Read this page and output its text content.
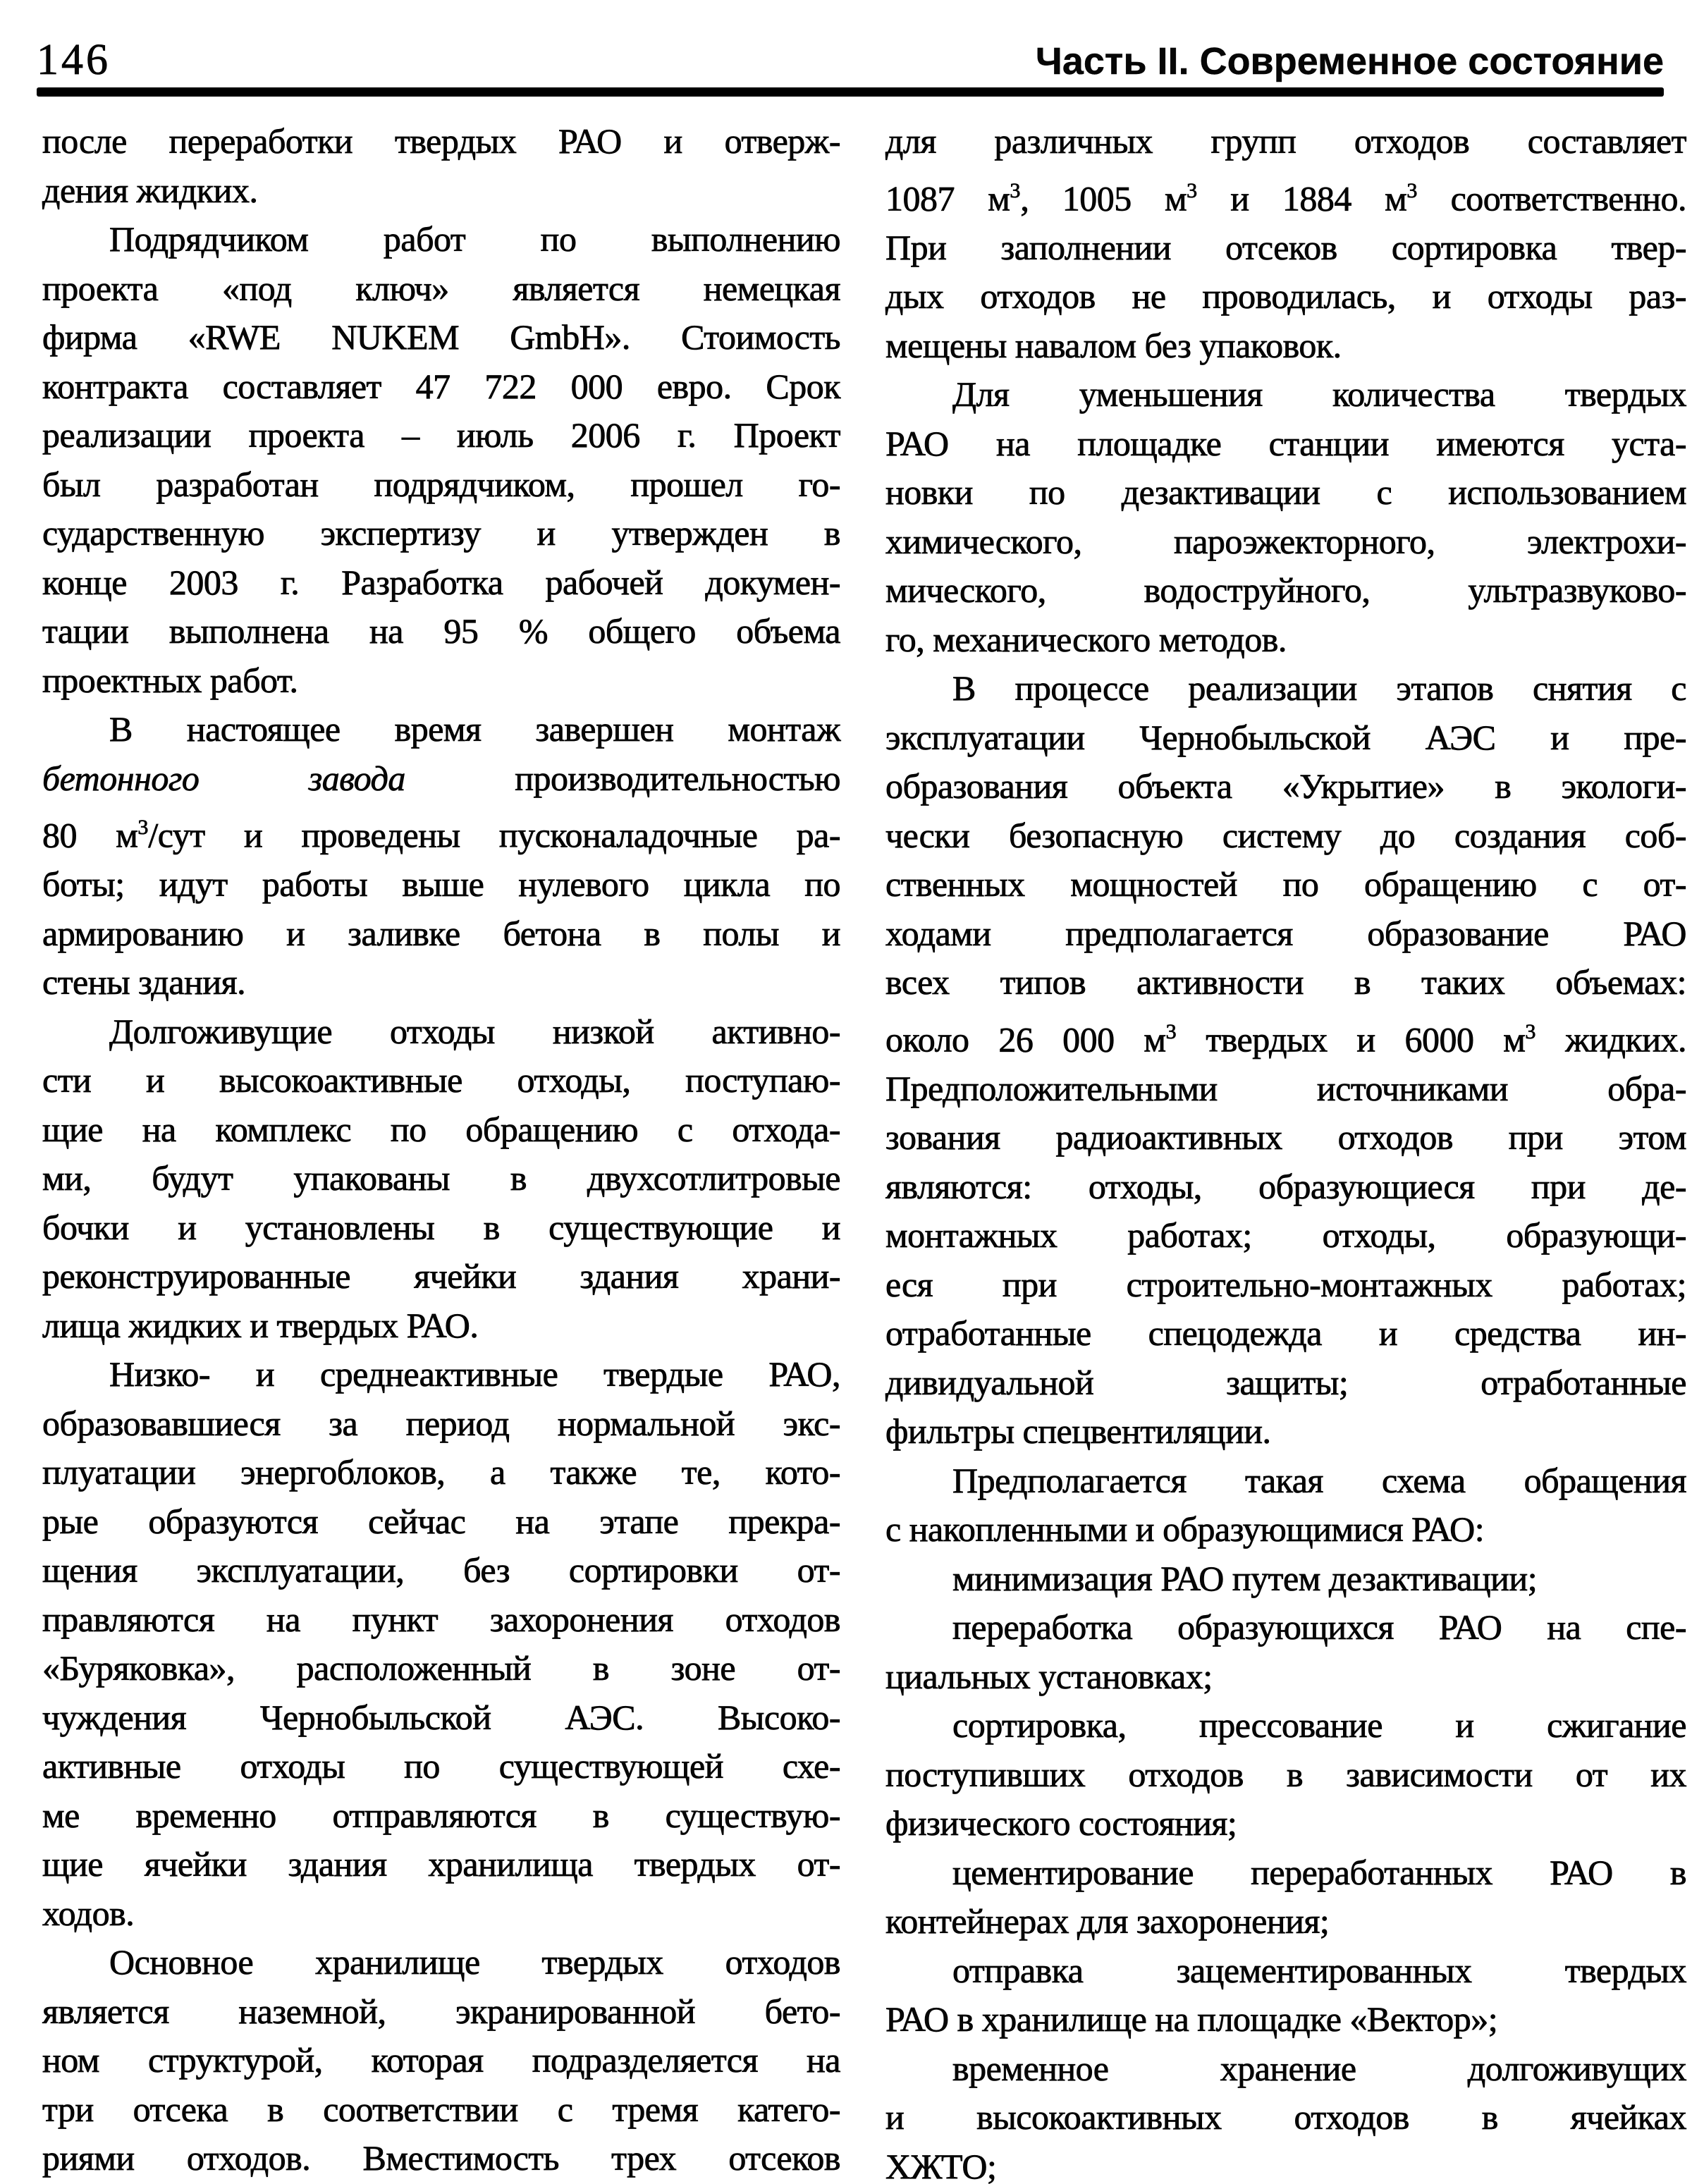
146	Часть II. Современное состояние
после переработки твердых РАО и отверж-
дения жидких.
Подрядчиком работ по выполнению
проекта «под ключ» является немецкая
фирма «RWE NUKEM GmbH». Стоимость
контракта составляет 47 722 000 евро. Срок
реализации проекта – июль 2006 г. Проект
был разработан подрядчиком, прошел го-
сударственную экспертизу и утвержден в
конце 2003 г. Разработка рабочей докумен-
тации выполнена на 95 % общего объема
проектных работ.
В настоящее время завершен монтаж
бетонного завода производительностью
80 $м^3$/сут и проведены пусконаладочные ра-
боты; идут работы выше нулевого цикла по
армированию и заливке бетона в полы и
стены здания.
Долгоживущие отходы низкой активно-
сти и высокоактивные отходы, поступаю-
щие на комплекс по обращению с отхода-
ми, будут упакованы в двухсотлитровые
бочки и установлены в существующие и
реконструированные ячейки здания храни-
лища жидких и твердых РАО.
Низко- и среднеактивные твердые РАО,
образовавшиеся за период нормальной экс-
плуатации энергоблоков, а также те, кото-
рые образуются сейчас на этапе прекра-
щения эксплуатации, без сортировки от-
правляются на пункт захоронения отходов
«Буряковка», расположенный в зоне от-
чуждения Чернобыльской АЭС. Высоко-
активные отходы по существующей схе-
ме временно отправляются в существую-
щие ячейки здания хранилища твердых от-
ходов.
Основное хранилище твердых отходов
является наземной, экранированной бето-
ном структурой, которая подразделяется на
три отсека в соответствии с тремя катего-
риями отходов. Вместимость трех отсеков
для различных групп отходов составляет
1087 $м^3$, 1005 $м^3$ и 1884 $м^3$ соответственно.
При заполнении отсеков сортировка твер-
дых отходов не проводилась, и отходы раз-
мещены навалом без упаковок.
Для уменьшения количества твердых
РАО на площадке станции имеются уста-
новки по дезактивации с использованием
химического, пароэжекторного, электрохи-
мического, водоструйного, ультразвуково-
го, механического методов.
В процессе реализации этапов снятия с
эксплуатации Чернобыльской АЭС и пре-
образования объекта «Укрытие» в экологи-
чески безопасную систему до создания соб-
ственных мощностей по обращению с от-
ходами предполагается образование РАО
всех типов активности в таких объемах:
около 26 000 $м^3$ твердых и 6000 $м^3$ жидких.
Предположительными источниками обра-
зования радиоактивных отходов при этом
являются: отходы, образующиеся при де-
монтажных работах; отходы, образующи-
еся при строительно-монтажных работах;
отработанные спецодежда и средства ин-
дивидуальной защиты; отработанные
фильтры спецвентиляции.
Предполагается такая схема обращения
с накопленными и образующимися РАО:
минимизация РАО путем дезактивации;
переработка образующихся РАО на спе-
циальных установках;
сортировка, прессование и сжигание
поступивших отходов в зависимости от их
физического состояния;
цементирование переработанных РАО в
контейнерах для захоронения;
отправка зацементированных твердых
РАО в хранилище на площадке «Вектор»;
временное хранение долгоживущих
и высокоактивных отходов в ячейках
ХЖТО;
